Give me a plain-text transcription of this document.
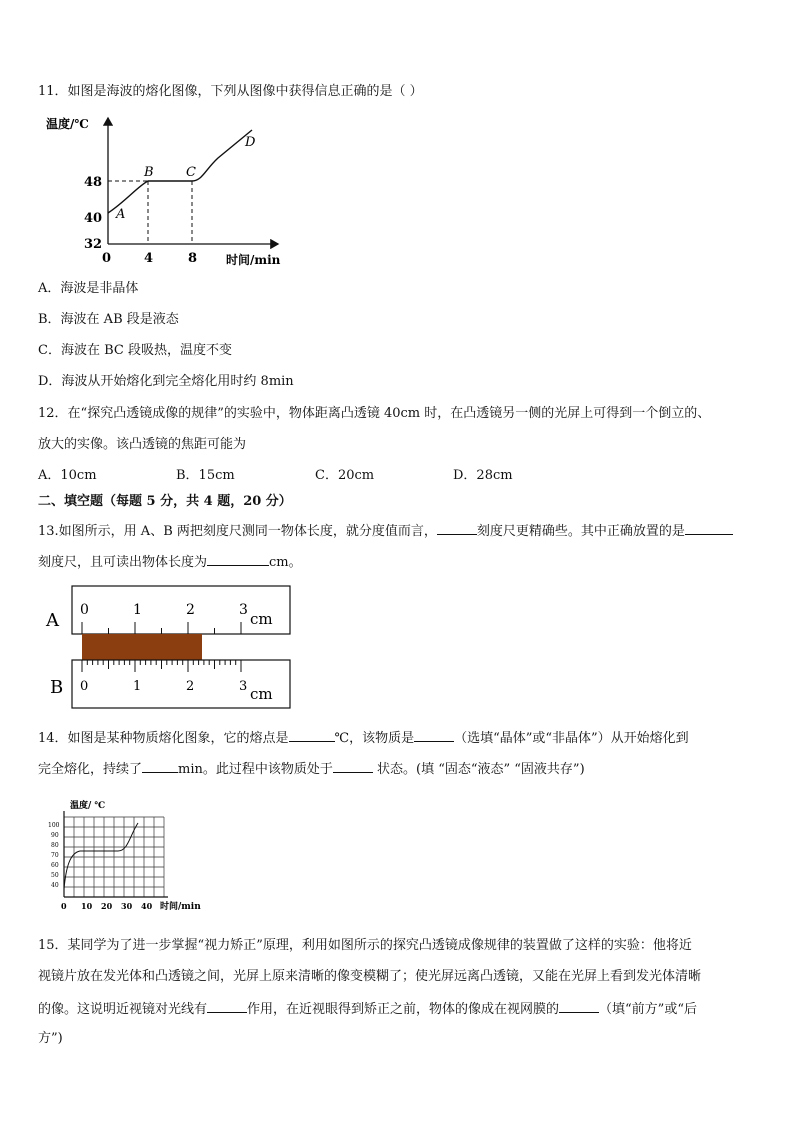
11．如图是海波的熔化图像，下列从图像中获得信息正确的是（ ）
温度/℃
时间/min
48
40
32
0	4	8
A
B C
D
A．海波是非晶体
B．海波在 AB 段是液态
C．海波在 BC 段吸热，温度不变
D．海波从开始熔化到完全熔化用时约 8min
12．在“探究凸透镜成像的规律”的实验中，物体距离凸透镜 40cm 时，在凸透镜另一侧的光屏上可得到一个倒立的、
放大的实像。该凸透镜的焦距可能为
A．10cm	B．15cm	C．20cm	D．28cm
二、填空题（每题 5 分，共 4 题，20 分）
13.如图所示，用 A、B 两把刻度尺测同一物体长度，就分度值而言，	刻度尺更精确些。其中正确放置的是
刻度尺，且可读出物体长度为	cm。
A 0	1	2	3 cm
B 0	1	2	3 cm
14．如图是某种物质熔化图象，它的熔点是	℃，该物质是	（选填“晶体”或“非晶体”）从开始熔化到
完全熔化，持续了	min。此过程中该物质处于	状态。(填 “固态“液态” “固液共存”)
温度/ ℃
100
90
80
70
60
50
40
0 10 20 30 40 时间/min
15．某同学为了进一步掌握“视力矫正”原理，利用如图所示的探究凸透镜成像规律的装置做了这样的实验：他将近
视镜片放在发光体和凸透镜之间，光屏上原来清晰的像变模糊了；使光屏远离凸透镜，又能在光屏上看到发光体清晰
的像。这说明近视镜对光线有	作用，在近视眼得到矫正之前，物体的像成在视网膜的	（填“前方”或“后
方”)
